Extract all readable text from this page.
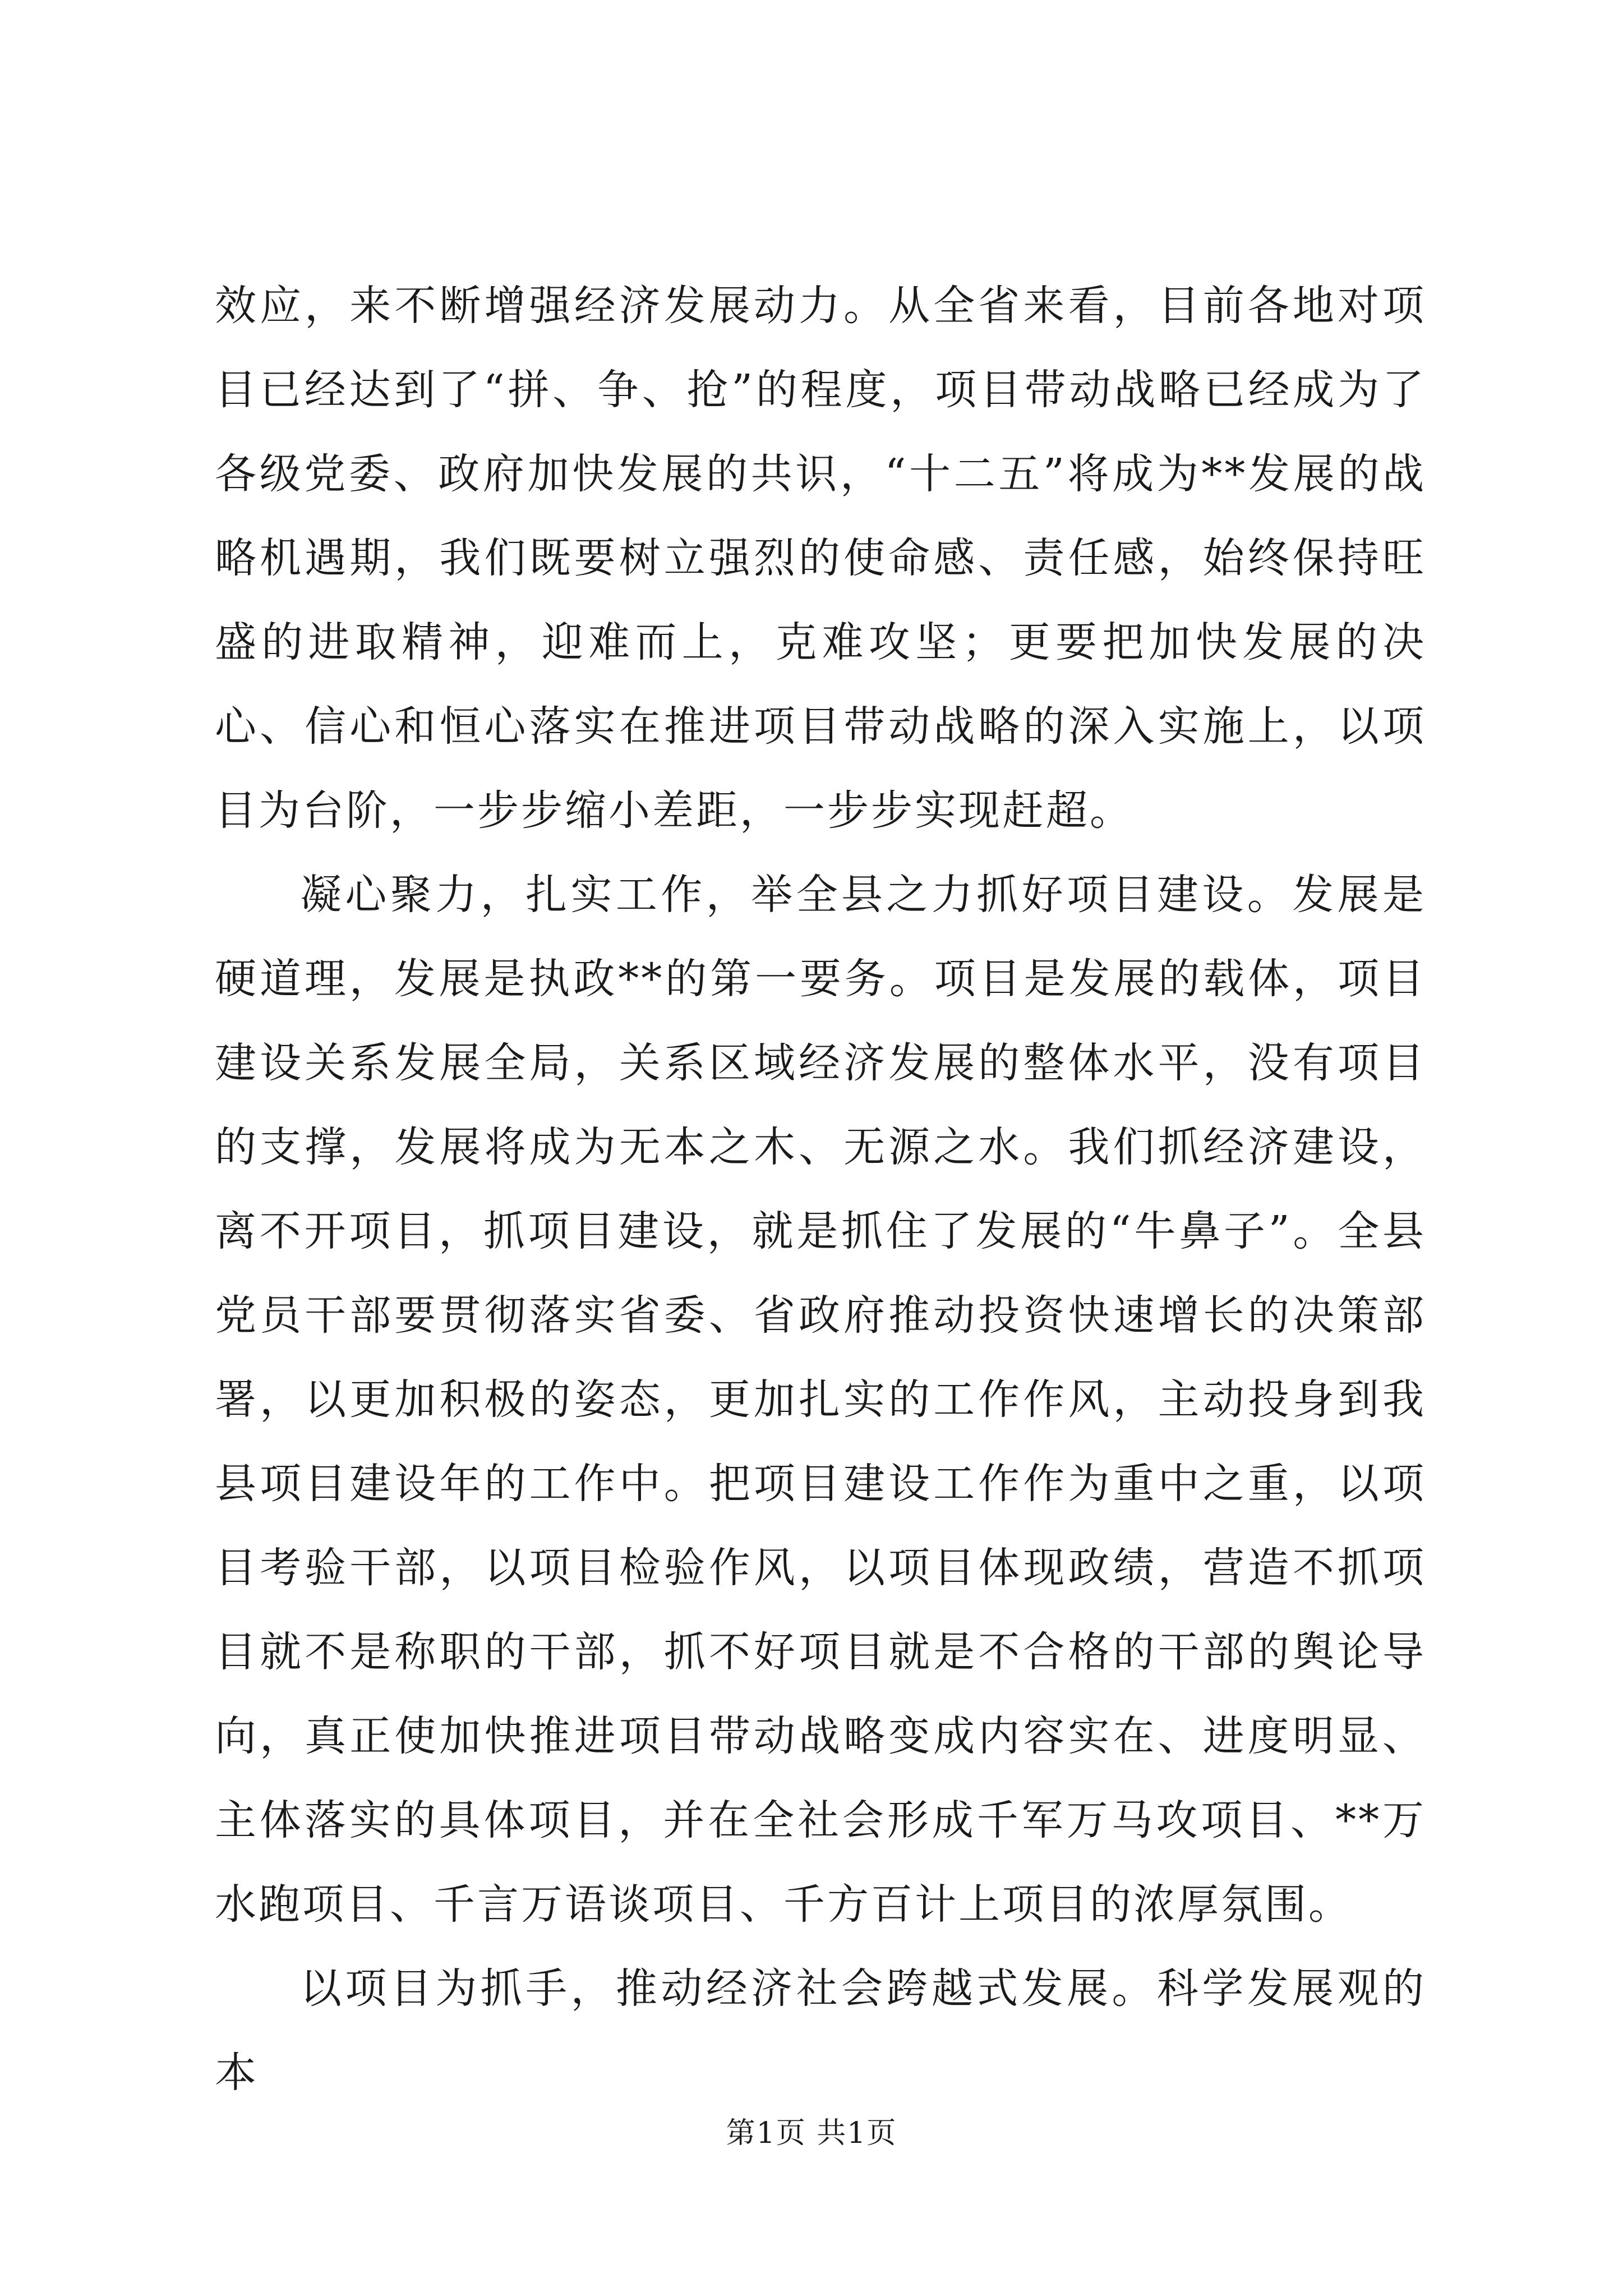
效应，来不断增强经济发展动力。从全省来看，目前各地对项目已经达到了“拼、争、抢”的程度，项目带动战略已经成为了各级党委、政府加快发展的共识，“十二五”将成为**发展的战略机遇期，我们既要树立强烈的使命感、责任感，始终保持旺盛的进取精神，迎难而上，克难攻坚；更要把加快发展的决心、信心和恒心落实在推进项目带动战略的深入实施上，以项目为台阶，一步步缩小差距，一步步实现赶超。

凝心聚力，扎实工作，举全县之力抓好项目建设。发展是硬道理，发展是执政**的第一要务。项目是发展的载体，项目建设关系发展全局，关系区域经济发展的整体水平，没有项目的支撑，发展将成为无本之木、无源之水。我们抓经济建设，离不开项目，抓项目建设，就是抓住了发展的“牛鼻子”。全县党员干部要贯彻落实省委、省政府推动投资快速增长的决策部署，以更加积极的姿态，更加扎实的工作作风，主动投身到我县项目建设年的工作中。把项目建设工作作为重中之重，以项目考验干部，以项目检验作风，以项目体现政绩，营造不抓项目就不是称职的干部，抓不好项目就是不合格的干部的舆论导向，真正使加快推进项目带动战略变成内容实在、进度明显、主体落实的具体项目，并在全社会形成千军万马攻项目、**万水跑项目、千言万语谈项目、千方百计上项目的浓厚氛围。

以项目为抓手，推动经济社会跨越式发展。科学发展观的本

第1页 共1页
